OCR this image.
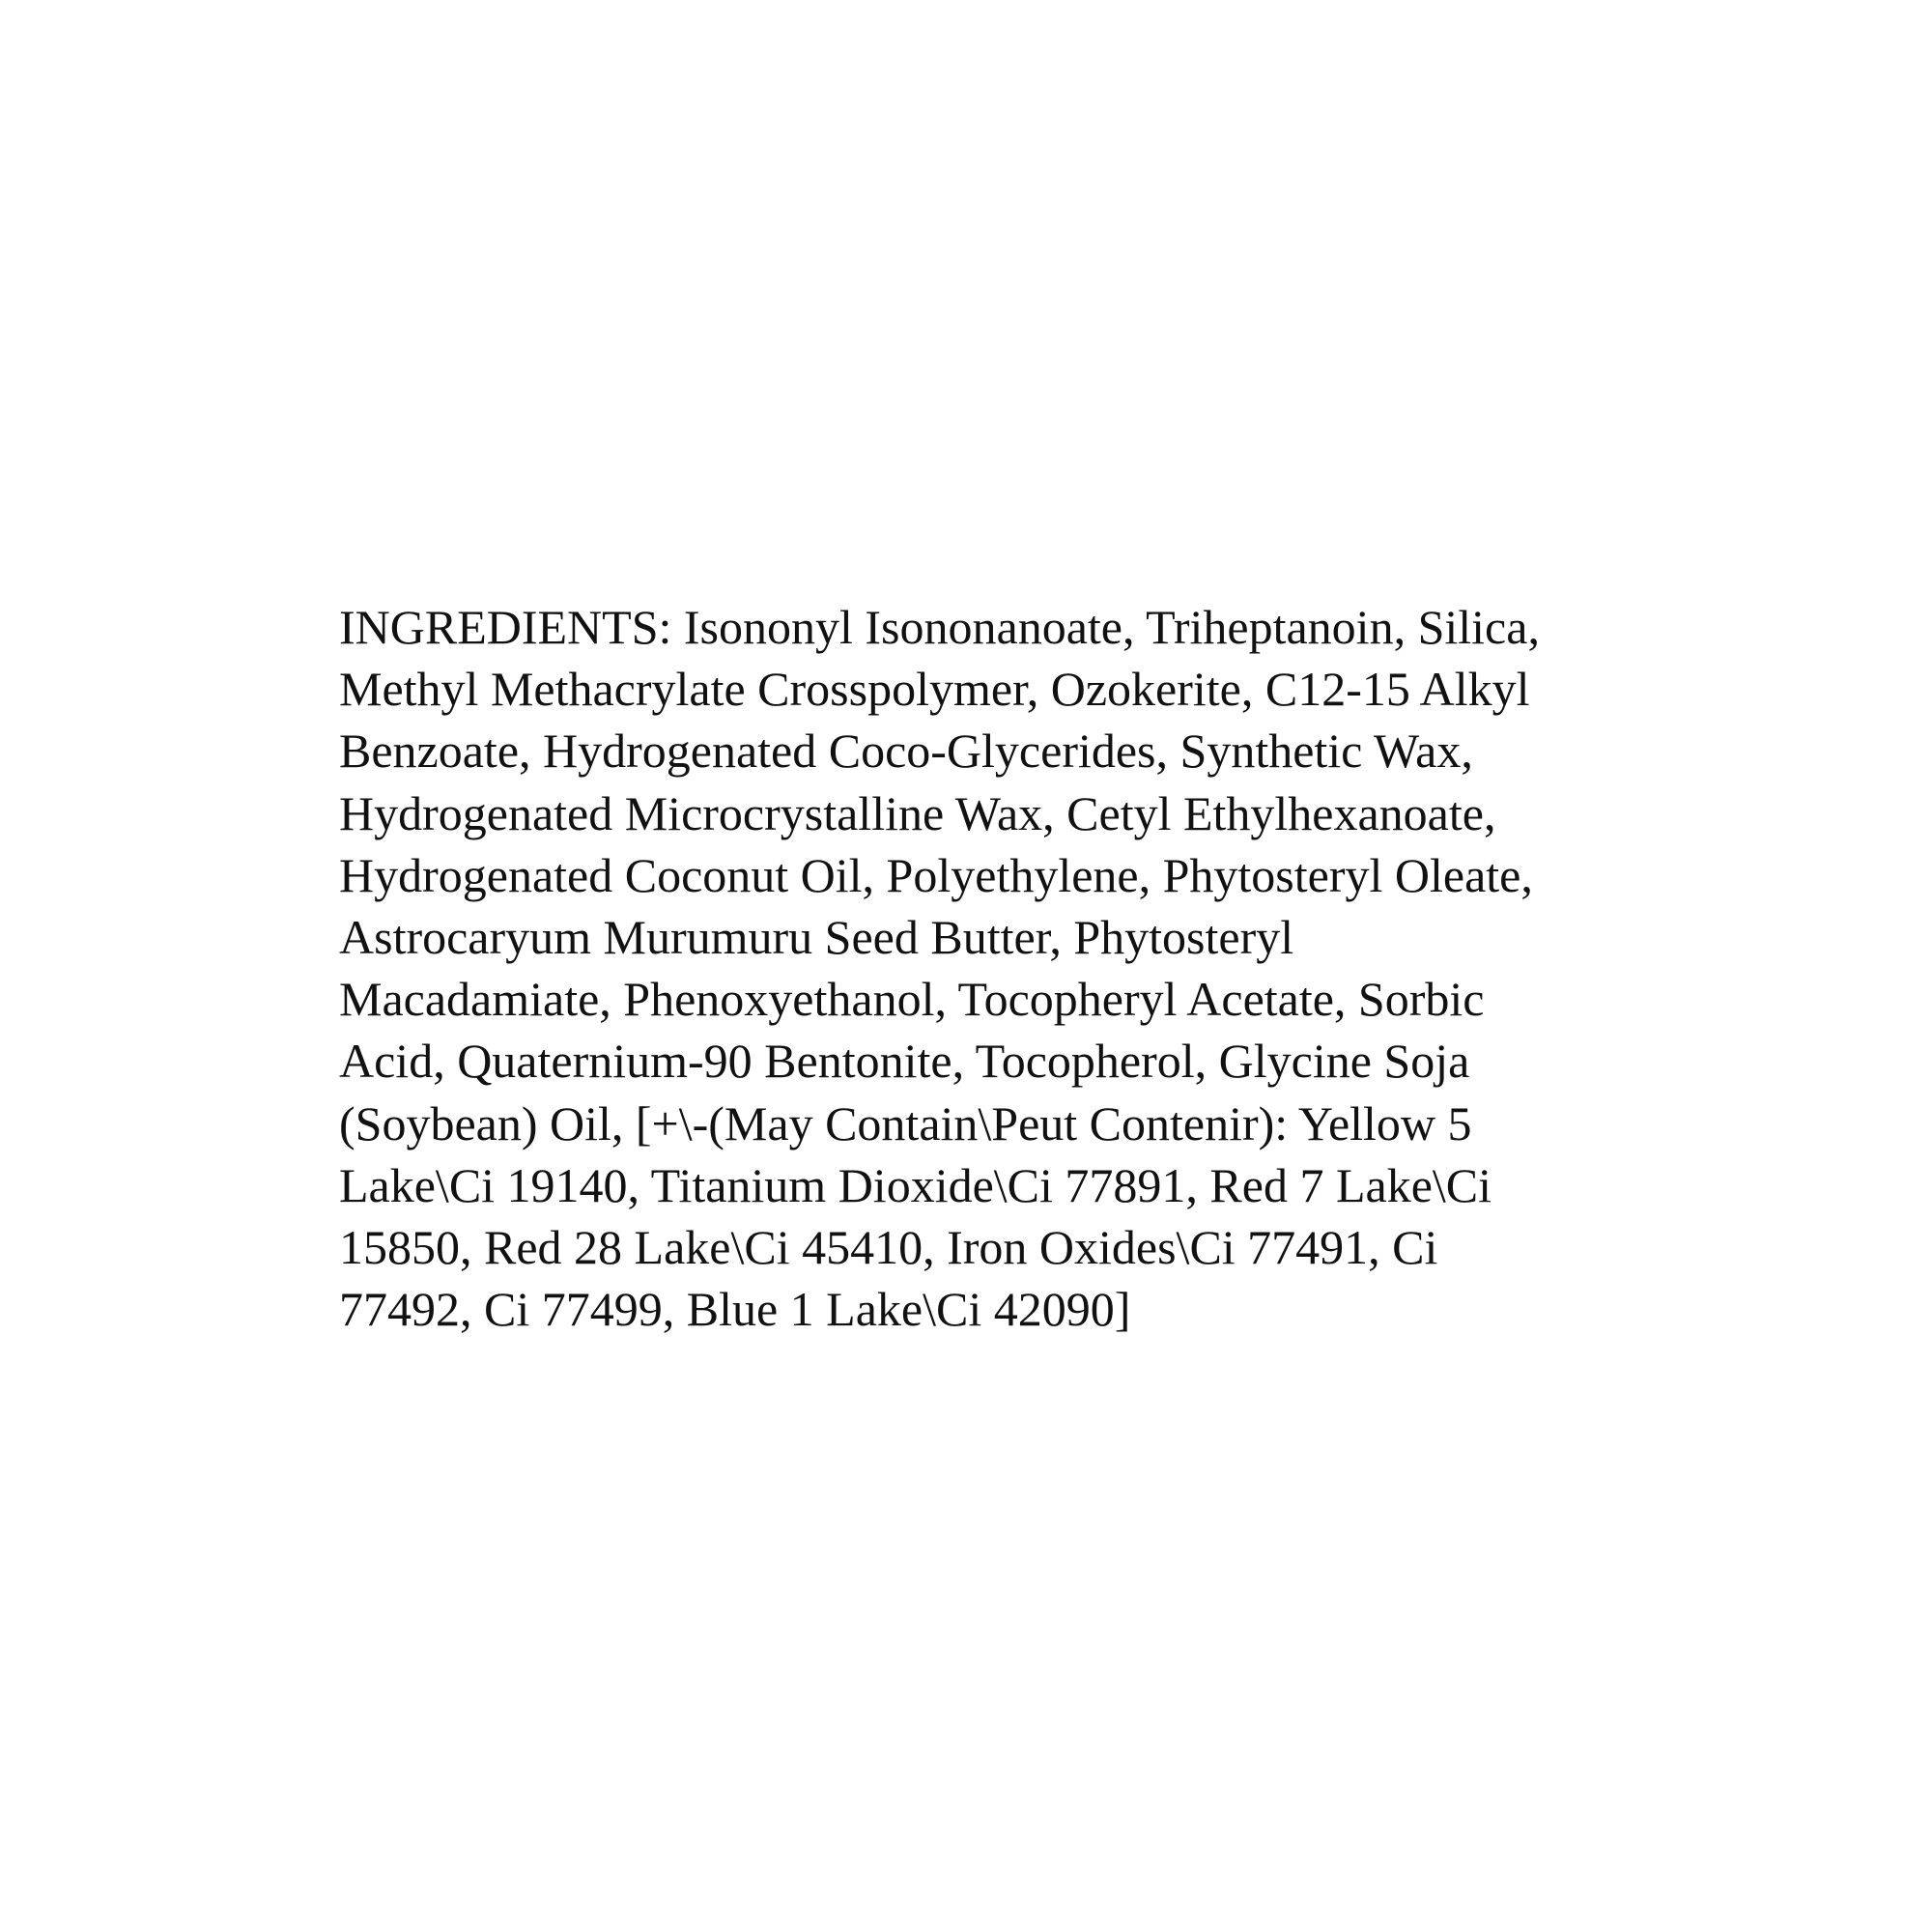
INGREDIENTS: Isononyl Isononanoate, Triheptanoin, Silica,
Methyl Methacrylate Crosspolymer, Ozokerite, C12-15 Alkyl
Benzoate, Hydrogenated Coco-Glycerides, Synthetic Wax,
Hydrogenated Microcrystalline Wax, Cetyl Ethylhexanoate,
Hydrogenated Coconut Oil, Polyethylene, Phytosteryl Oleate,
Astrocaryum Murumuru Seed Butter, Phytosteryl
Macadamiate, Phenoxyethanol, Tocopheryl Acetate, Sorbic
Acid, Quaternium-90 Bentonite, Tocopherol, Glycine Soja
(Soybean) Oil, [+\-(May Contain\Peut Contenir): Yellow 5
Lake\Ci 19140, Titanium Dioxide\Ci 77891, Red 7 Lake\Ci
15850, Red 28 Lake\Ci 45410, Iron Oxides\Ci 77491, Ci
77492, Ci 77499, Blue 1 Lake\Ci 42090]
